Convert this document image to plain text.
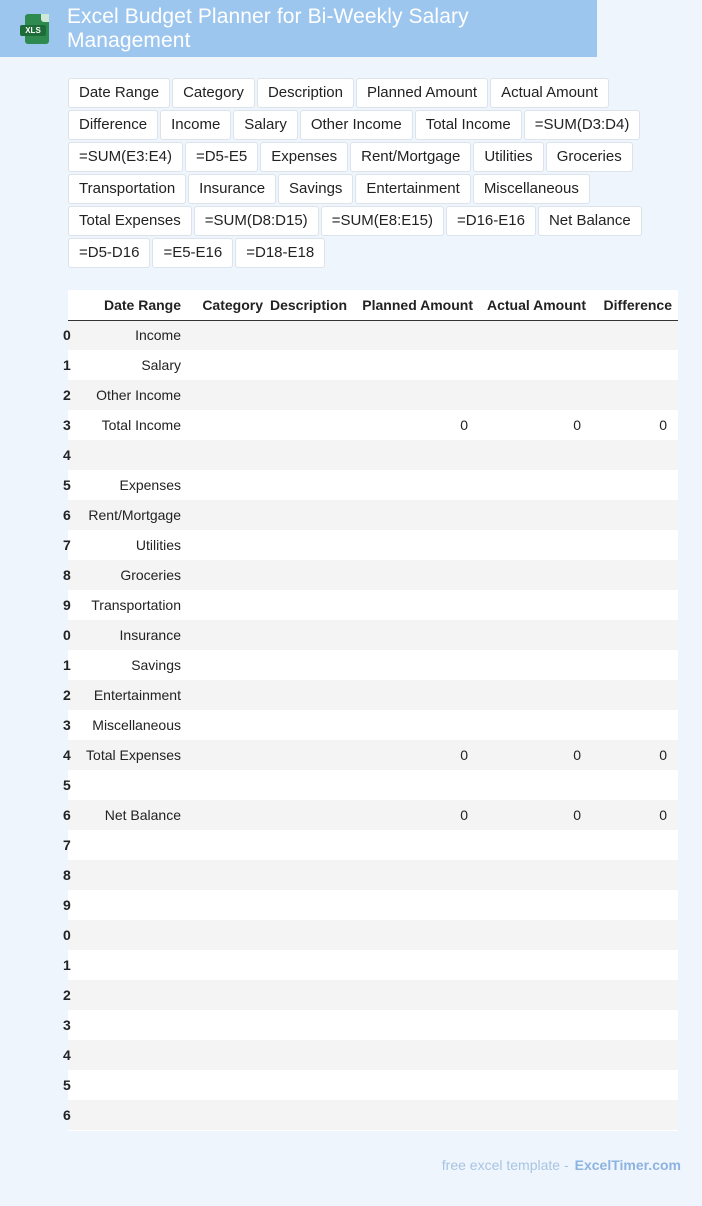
XLS
Excel Budget Planner for Bi-Weekly Salary Management
Date Range	Category	Description	Planned Amount	Actual Amount
Difference	Income	Salary	Other Income	Total Income	=SUM(D3:D4)
=SUM(E3:E4)	=D5-E5	Expenses	Rent/Mortgage	Utilities	Groceries
Transportation	Insurance	Savings	Entertainment	Miscellaneous
Total Expenses	=SUM(D8:D15)	=SUM(E8:E15)	=D16-E16	Net Balance
=D5-D16	=E5-E16	=D18-E18
	Date Range	Category	Description	Planned Amount	Actual Amount	Difference
0	Income					
1	Salary					
2	Other Income					
3	Total Income			0	0	0
4						
5	Expenses					
6	Rent/Mortgage					
7	Utilities					
8	Groceries					
9	Transportation					
0	Insurance					
1	Savings					
2	Entertainment					
3	Miscellaneous					
4	Total Expenses			0	0	0
5						
6	Net Balance			0	0	0
7						
8						
9						
0						
1						
2						
3						
4						
5						
6						
free excel template - ExcelTimer.com
